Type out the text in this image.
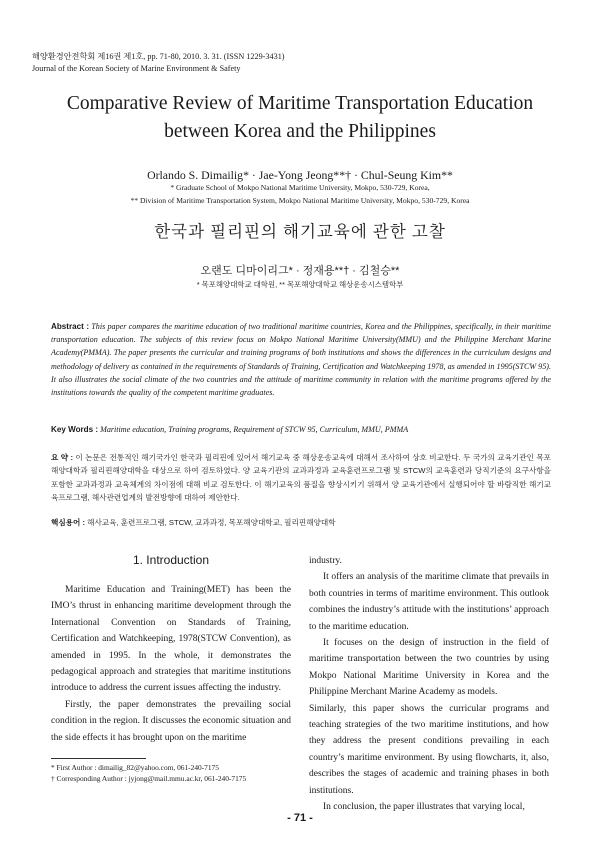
해양환경안전학회 제16권 제1호, pp. 71-80, 2010. 3. 31. (ISSN 1229-3431)
Journal of the Korean Society of Marine Environment & Safety
Comparative Review of Maritime Transportation Education
between Korea and the Philippines
Orlando S. Dimailig* · Jae-Yong Jeong**† · Chul-Seung Kim**
* Graduate School of Mokpo National Maritime University, Mokpo, 530-729, Korea,
** Division of Maritime Transportation System, Mokpo National Maritime University, Mokpo, 530-729, Korea
한국과 필리핀의 해기교육에 관한 고찰
오랜도 디마이리그* · 정재용**† · 김철승**
* 목포해양대학교 대학원, ** 목포해양대학교 해상운송시스템학부
Abstract : This paper compares the maritime education of two traditional maritime countries, Korea and the Philippines, specifically, in their maritime transportation education. The subjects of this review focus on Mokpo National Maritime University(MMU) and the Philippine Merchant Marine Academy(PMMA). The paper presents the curricular and training programs of both institutions and shows the differences in the curriculum designs and methodology of delivery as contained in the requirements of Standards of Training, Certification and Watchkeeping 1978, as amended in 1995(STCW 95). It also illustrates the social climate of the two countries and the attitude of maritime community in relation with the maritime programs offered by the institutions towards the quality of the competent maritime graduates.
Key Words : Maritime education, Training programs, Requirement of STCW 95, Curriculum, MMU, PMMA
요 약 : 이 논문은 전통적인 해기국가인 한국과 필리핀에 있어서 해기교육 중 해상운송교육에 대해서 조사하여 상호 비교한다. 두 국가의 교육기관인 목포해양대학과 필리핀해양대학을 대상으로 하여 검토하였다. 양 교육기관의 교과과정과 교육훈련프로그램 및 STCW의 교육훈련과 당직기준의 요구사항을 포함한 교과과정과 교육체계의 차이점에 대해 비교 검토한다. 이 해기교육의 품질을 향상시키기 위해서 양 교육기관에서 실행되어야 할 바람직한 해기교육프로그램, 해사관련업계의 발전방향에 대하여 제안한다.
핵심용어 : 해사교육, 훈련프로그램, STCW, 교과과정, 목포해양대학교, 필리핀해양대학
1. Introduction

Maritime Education and Training(MET) has been the IMO’s thrust in enhancing maritime development through the International Convention on Standards of Training, Certification and Watchkeeping, 1978(STCW Convention), as amended in 1995. In the whole, it demonstrates the pedagogical approach and strategies that maritime institutions introduce to address the current issues affecting the industry.

Firstly, the paper demonstrates the prevailing social condition in the region. It discusses the economic situation and the side effects it has brought upon on the maritime

industry.

It offers an analysis of the maritime climate that prevails in both countries in terms of maritime environment. This outlook combines the industry’s attitude with the institutions’ approach to the maritime education.

It focuses on the design of instruction in the field of maritime transportation between the two countries by using Mokpo National Maritime University in Korea and the Philippine Merchant Marine Academy as models.

Similarly, this paper shows the curricular programs and teaching strategies of the two maritime institutions, and how they address the present conditions prevailing in each country’s maritime environment. By using flowcharts, it, also, describes the stages of academic and training phases in both institutions.

In conclusion, the paper illustrates that varying local,

* First Author : dimailig_82@yahoo.com, 061-240-7175
† Corresponding Author : jyjong@mail.mmu.ac.kr, 061-240-7175
- 71 -
